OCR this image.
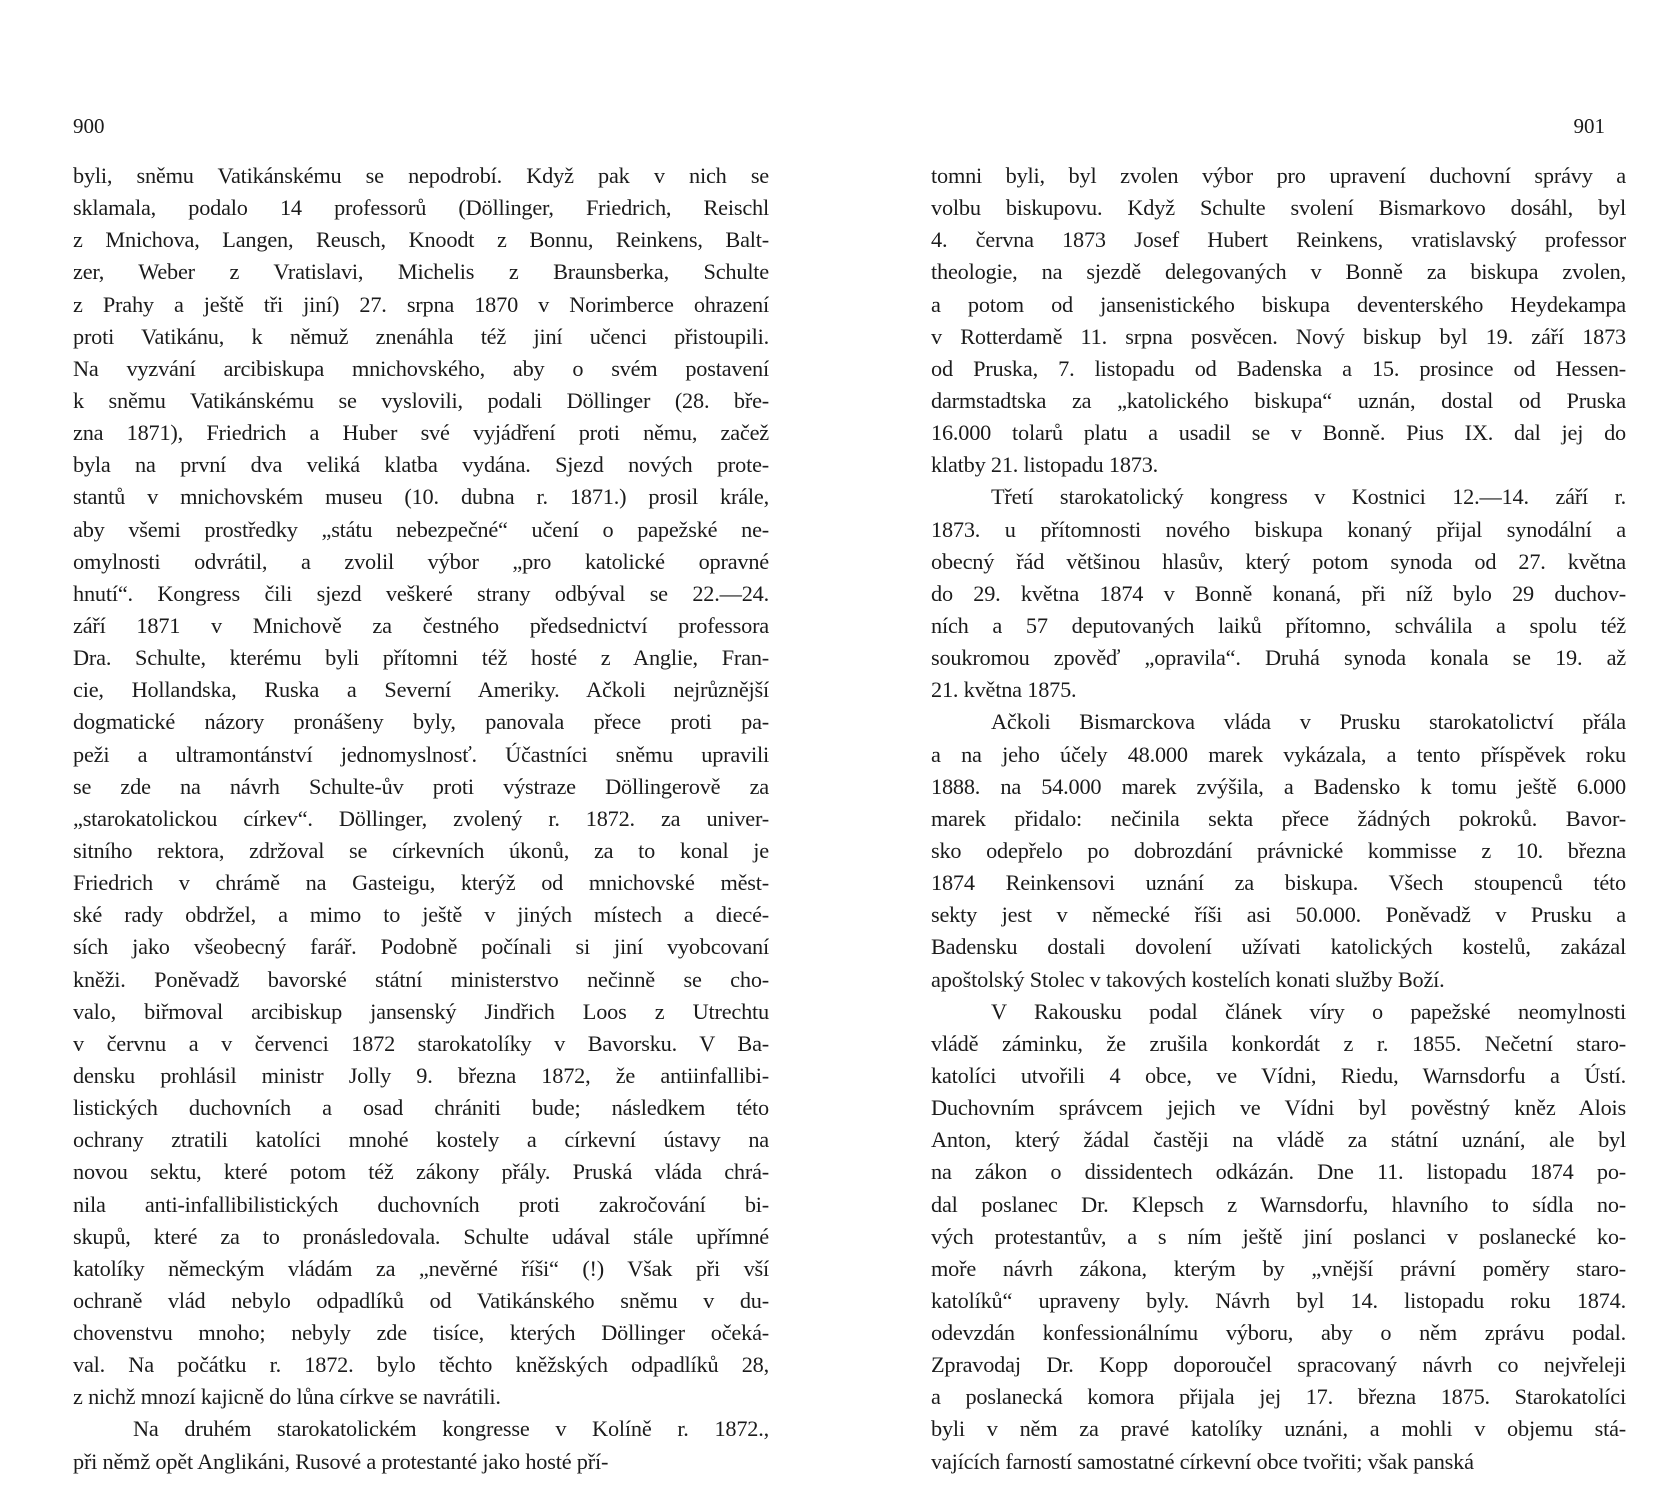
900
byli, sněmu Vatikánskému se nepodrobí. Když pak v nich se
sklamala, podalo 14 professorů (Döllinger, Friedrich, Reischl
z Mnichova, Langen, Reusch, Knoodt z Bonnu, Reinkens, Balt-
zer, Weber z Vratislavi, Michelis z Braunsberka, Schulte
z Prahy a ještě tři jiní) 27. srpna 1870 v Norimberce ohrazení
proti Vatikánu, k němuž znenáhla též jiní učenci přistoupili.
Na vyzvání arcibiskupa mnichovského, aby o svém postavení
k sněmu Vatikánskému se vyslovili, podali Döllinger (28. bře-
zna 1871), Friedrich a Huber své vyjádření proti němu, začež
byla na první dva veliká klatba vydána. Sjezd nových prote-
stantů v mnichovském museu (10. dubna r. 1871.) prosil krále,
aby všemi prostředky „státu nebezpečné“ učení o papežské ne-
omylnosti odvrátil, a zvolil výbor „pro katolické opravné
hnutí“. Kongress čili sjezd veškeré strany odbýval se 22.—24.
září 1871 v Mnichově za čestného předsednictví professora
Dra. Schulte, kterému byli přítomni též hosté z Anglie, Fran-
cie, Hollandska, Ruska a Severní Ameriky. Ačkoli nejrůznější
dogmatické názory pronášeny byly, panovala přece proti pa-
peži a ultramontánství jednomyslnosť. Účastníci sněmu upravili
se zde na návrh Schulte-ův proti výstraze Döllingerově za
„starokatolickou církev“. Döllinger, zvolený r. 1872. za univer-
sitního rektora, zdržoval se církevních úkonů, za to konal je
Friedrich v chrámě na Gasteigu, kterýž od mnichovské měst-
ské rady obdržel, a mimo to ještě v jiných místech a diecé-
sích jako všeobecný farář. Podobně počínali si jiní vyobcovaní
kněži. Poněvadž bavorské státní ministerstvo nečinně se cho-
valo, biřmoval arcibiskup jansenský Jindřich Loos z Utrechtu
v červnu a v červenci 1872 starokatolíky v Bavorsku. V Ba-
densku prohlásil ministr Jolly 9. března 1872, že antiinfallibi-
listických duchovních a osad chrániti bude; následkem této
ochrany ztratili katolíci mnohé kostely a církevní ústavy na
novou sektu, které potom též zákony přály. Pruská vláda chrá-
nila anti-infallibilistických duchovních proti zakročování bi-
skupů, které za to pronásledovala. Schulte udával stále upřímné
katolíky německým vládám za „nevěrné říši“ (!) Však při vší
ochraně vlád nebylo odpadlíků od Vatikánského sněmu v du-
chovenstvu mnoho; nebyly zde tisíce, kterých Döllinger očeká-
val. Na počátku r. 1872. bylo těchto kněžských odpadlíků 28,
z nichž mnozí kajicně do lůna církve se navrátili.
Na druhém starokatolickém kongresse v Kolíně r. 1872.,
při němž opět Anglikáni, Rusové a protestanté jako hosté pří-
901
tomni byli, byl zvolen výbor pro upravení duchovní správy a
volbu biskupovu. Když Schulte svolení Bismarkovo dosáhl, byl
4. června 1873 Josef Hubert Reinkens, vratislavský professor
theologie, na sjezdě delegovaných v Bonně za biskupa zvolen,
a potom od jansenistického biskupa deventerského Heydekampa
v Rotterdamě 11. srpna posvěcen. Nový biskup byl 19. září 1873
od Pruska, 7. listopadu od Badenska a 15. prosince od Hessen-
darmstadtska za „katolického biskupa“ uznán, dostal od Pruska
16.000 tolarů platu a usadil se v Bonně. Pius IX. dal jej do
klatby 21. listopadu 1873.
Třetí starokatolický kongress v Kostnici 12.—14. září r.
1873. u přítomnosti nového biskupa konaný přijal synodální a
obecný řád většinou hlasův, který potom synoda od 27. května
do 29. května 1874 v Bonně konaná, při níž bylo 29 duchov-
ních a 57 deputovaných laiků přítomno, schválila a spolu též
soukromou zpověď „opravila“. Druhá synoda konala se 19. až
21. května 1875.
Ačkoli Bismarckova vláda v Prusku starokatolictví přála
a na jeho účely 48.000 marek vykázala, a tento příspěvek roku
1888. na 54.000 marek zvýšila, a Badensko k tomu ještě 6.000
marek přidalo: nečinila sekta přece žádných pokroků. Bavor-
sko odepřelo po dobrozdání právnické kommisse z 10. března
1874 Reinkensovi uznání za biskupa. Všech stoupenců této
sekty jest v německé říši asi 50.000. Poněvadž v Prusku a
Badensku dostali dovolení užívati katolických kostelů, zakázal
apoštolský Stolec v takových kostelích konati služby Boží.
V Rakousku podal článek víry o papežské neomylnosti
vládě záminku, že zrušila konkordát z r. 1855. Nečetní staro-
katolíci utvořili 4 obce, ve Vídni, Riedu, Warnsdorfu a Ústí.
Duchovním správcem jejich ve Vídni byl pověstný kněz Alois
Anton, který žádal častěji na vládě za státní uznání, ale byl
na zákon o dissidentech odkázán. Dne 11. listopadu 1874 po-
dal poslanec Dr. Klepsch z Warnsdorfu, hlavního to sídla no-
vých protestantův, a s ním ještě jiní poslanci v poslanecké ko-
moře návrh zákona, kterým by „vnější právní poměry staro-
katolíků“ upraveny byly. Návrh byl 14. listopadu roku 1874.
odevzdán konfessionálnímu výboru, aby o něm zprávu podal.
Zpravodaj Dr. Kopp doporoučel spracovaný návrh co nejvřeleji
a poslanecká komora přijala jej 17. března 1875. Starokatolíci
byli v něm za pravé katolíky uznáni, a mohli v objemu stá-
vajících farností samostatné církevní obce tvořiti; však panská
